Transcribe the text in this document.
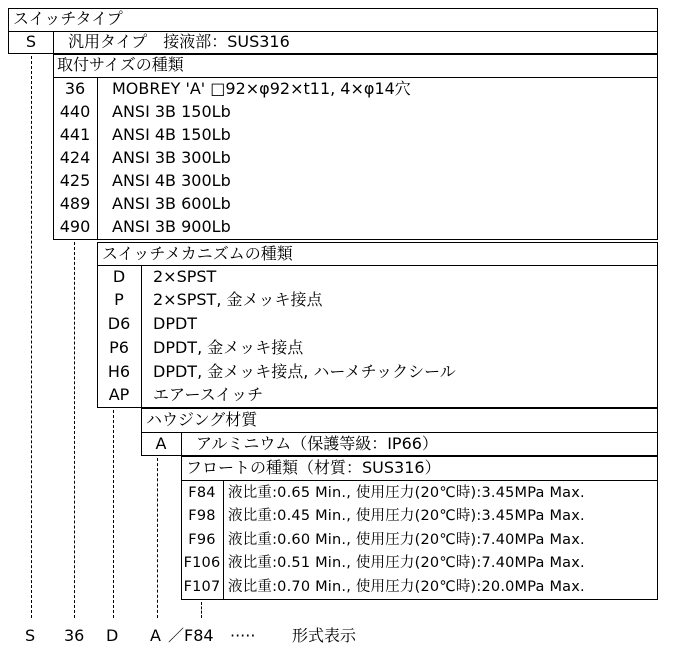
スイッチタイプ
S	汎用タイプ　接液部：SUS316
取付サイズの種類
36	MOBREY 'A' □92×φ92×t11, 4×φ14穴
440 ANSI 3B 150Lb
441 ANSI 4B 150Lb
424 ANSI 3B 300Lb
425 ANSI 4B 300Lb
489 ANSI 3B 600Lb
490 ANSI 3B 900Lb
スイッチメカニズムの種類
D	2×SPST
P	2×SPST, 金メッキ接点
D6	DPDT
P6	DPDT, 金メッキ接点
H6	DPDT, 金メッキ接点, ハーメチックシール
AP	エアースイッチ
ハウジング材質
A	アルミニウム（保護等級：IP66）
フロートの種類（材質：SUS316）
F84 液比重:0.65 Min., 使用圧力(20℃時):3.45MPa Max.
F98 液比重:0.45 Min., 使用圧力(20℃時):3.45MPa Max.
F96 液比重:0.60 Min., 使用圧力(20℃時):7.40MPa Max.
F106 液比重:0.51 Min., 使用圧力(20℃時):7.40MPa Max.
F107 液比重:0.70 Min., 使用圧力(20℃時):20.0MPa Max.
S 36 D A ／F84 ····· 形式表示
